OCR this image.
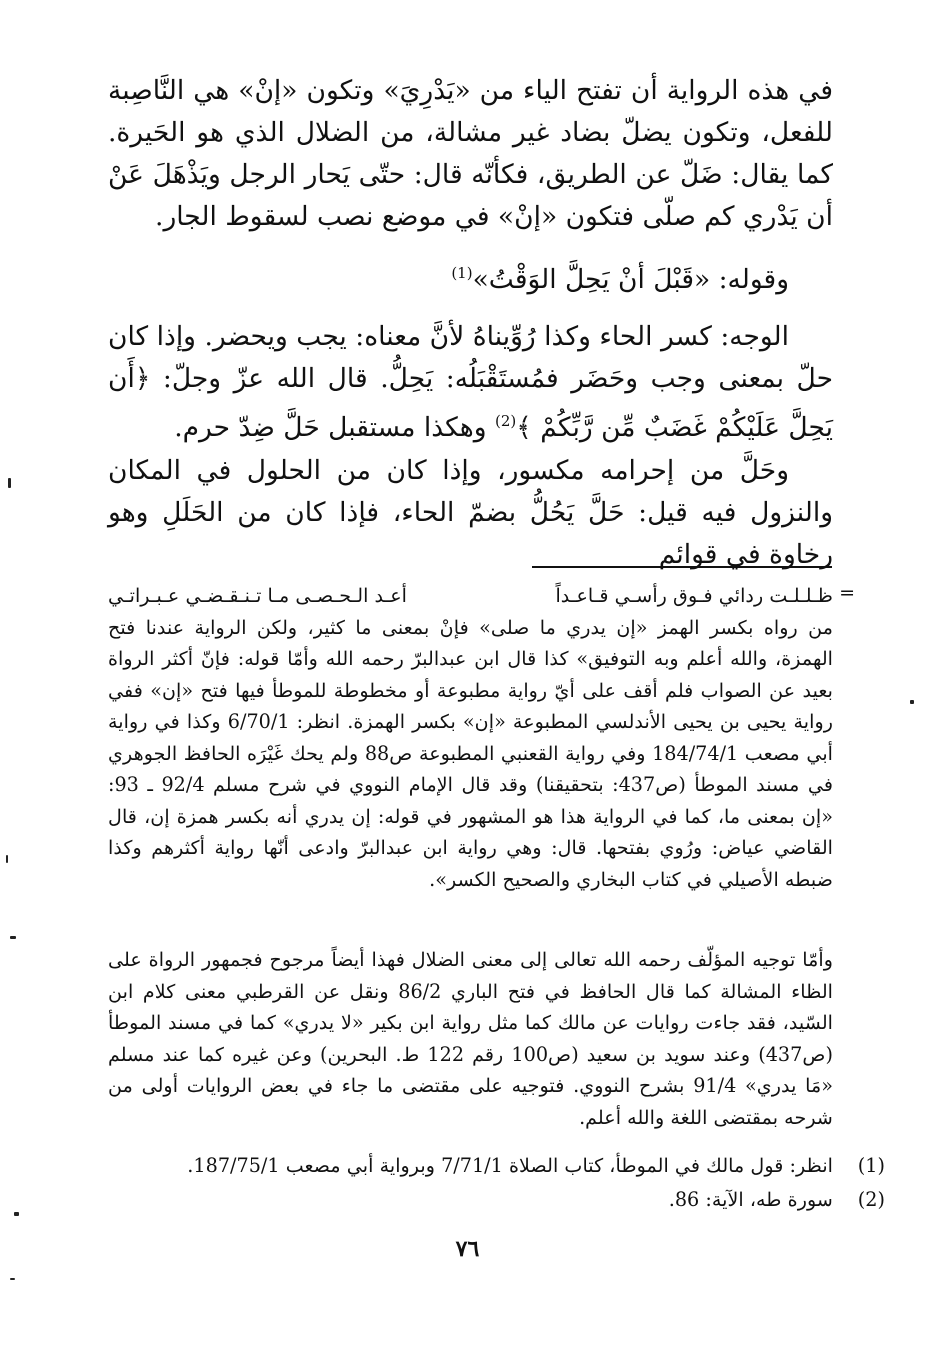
في هذه الرواية أن تفتح الياء من «يَدْرِيَ» وتكون «إنْ» هي النَّاصِبة للفعل، وتكون يضلّ بضاد غير مشالة، من الضلال الذي هو الحَيرة. كما يقال: ضَلّ عن الطريق، فكأنّه قال: حتّى يَحار الرجل ويَذْهَلَ عَنْ أن يَدْري كم صلّى فتكون «إنْ» في موضع نصب لسقوط الجار.

وقوله: «قَبْلَ أنْ يَحِلَّ الوَقْتُ»$^{(1)}$

الوجه: كسر الحاء وكذا رُوِّيناهُ لأنَّ معناه: يجب ويحضر. وإذا كان حلّ بمعنى وجب وحَضَر فمُستَقْبَلُه: يَحِلُّ. قال الله عزّ وجلّ: ﴿أَن يَحِلَّ عَلَيْكُمْ غَضَبٌ مِّن رَّبِّكُمْ ﴾$^{(2)}$ وهكذا مستقبل حَلَّ ضِدّ حرم.

وحَلَّ من إحرامه مكسور، وإذا كان من الحلول في المكان والنزول فيه قيل: حَلَّ يَحُلُّ بضمّ الحاء، فإذا كان من الحَلَلِ وهو رخاوة في قوائم

=
ظـلـلـت ردائي فـوق رأسـي قـاعـداً
أعـد الـحـصـى مـا تـنـقـضـي عـبـراتـي
من رواه بكسر الهمز «إن يدري ما صلى» فإنْ بمعنى ما كثير، ولكن الرواية عندنا فتح الهمزة، والله أعلم وبه التوفيق» كذا قال ابن عبدالبرّ رحمه الله وأمّا قوله: فإنّ أكثر الرواة بعيد عن الصواب فلم أقف على أيّ رواية مطبوعة أو مخطوطة للموطأ فيها فتح «إن» ففي رواية يحيى بن يحيى الأندلسي المطبوعة «إن» بكسر الهمزة. انظر: 6/70/1 وكذا في رواية أبي مصعب 184/74/1 وفي رواية القعنبي المطبوعة ص88 ولم يحك غَيْرَه الحافظ الجوهري في مسند الموطأ (ص437: بتحقيقنا) وقد قال الإمام النووي في شرح مسلم 92/4 ـ 93: «إن بمعنى ما، كما في الرواية هذا هو المشهور في قوله: إن يدري أنه بكسر همزة إن، قال القاضي عياض: ورُوي بفتحها. قال: وهي رواية ابن عبدالبرّ وادعى أنّها رواية أكثرهم وكذا ضبطه الأصيلي في كتاب البخاري والصحيح الكسر».
وأمّا توجيه المؤلّف رحمه الله تعالى إلى معنى الضلال فهذا أيضاً مرجوح فجمهور الرواة على الظاء المشالة كما قال الحافظ في فتح الباري 86/2 ونقل عن القرطبي معنى كلام ابن السّيد، فقد جاءت روايات عن مالك كما مثل رواية ابن بكير «لا يدري» كما في مسند الموطأ (ص437) وعند سويد بن سعيد (ص100 رقم 122 ط. البحرين) وعن غيره كما عند مسلم «مَا يدري» 91/4 بشرح النووي. فتوجيه على مقتضى ما جاء في بعض الروايات أولى من شرحه بمقتضى اللغة والله أعلم.
(1)
انظر: قول مالك في الموطأ، كتاب الصلاة 7/71/1 وبرواية أبي مصعب 187/75/1.
(2)
سورة طه، الآية: 86.
٧٦
